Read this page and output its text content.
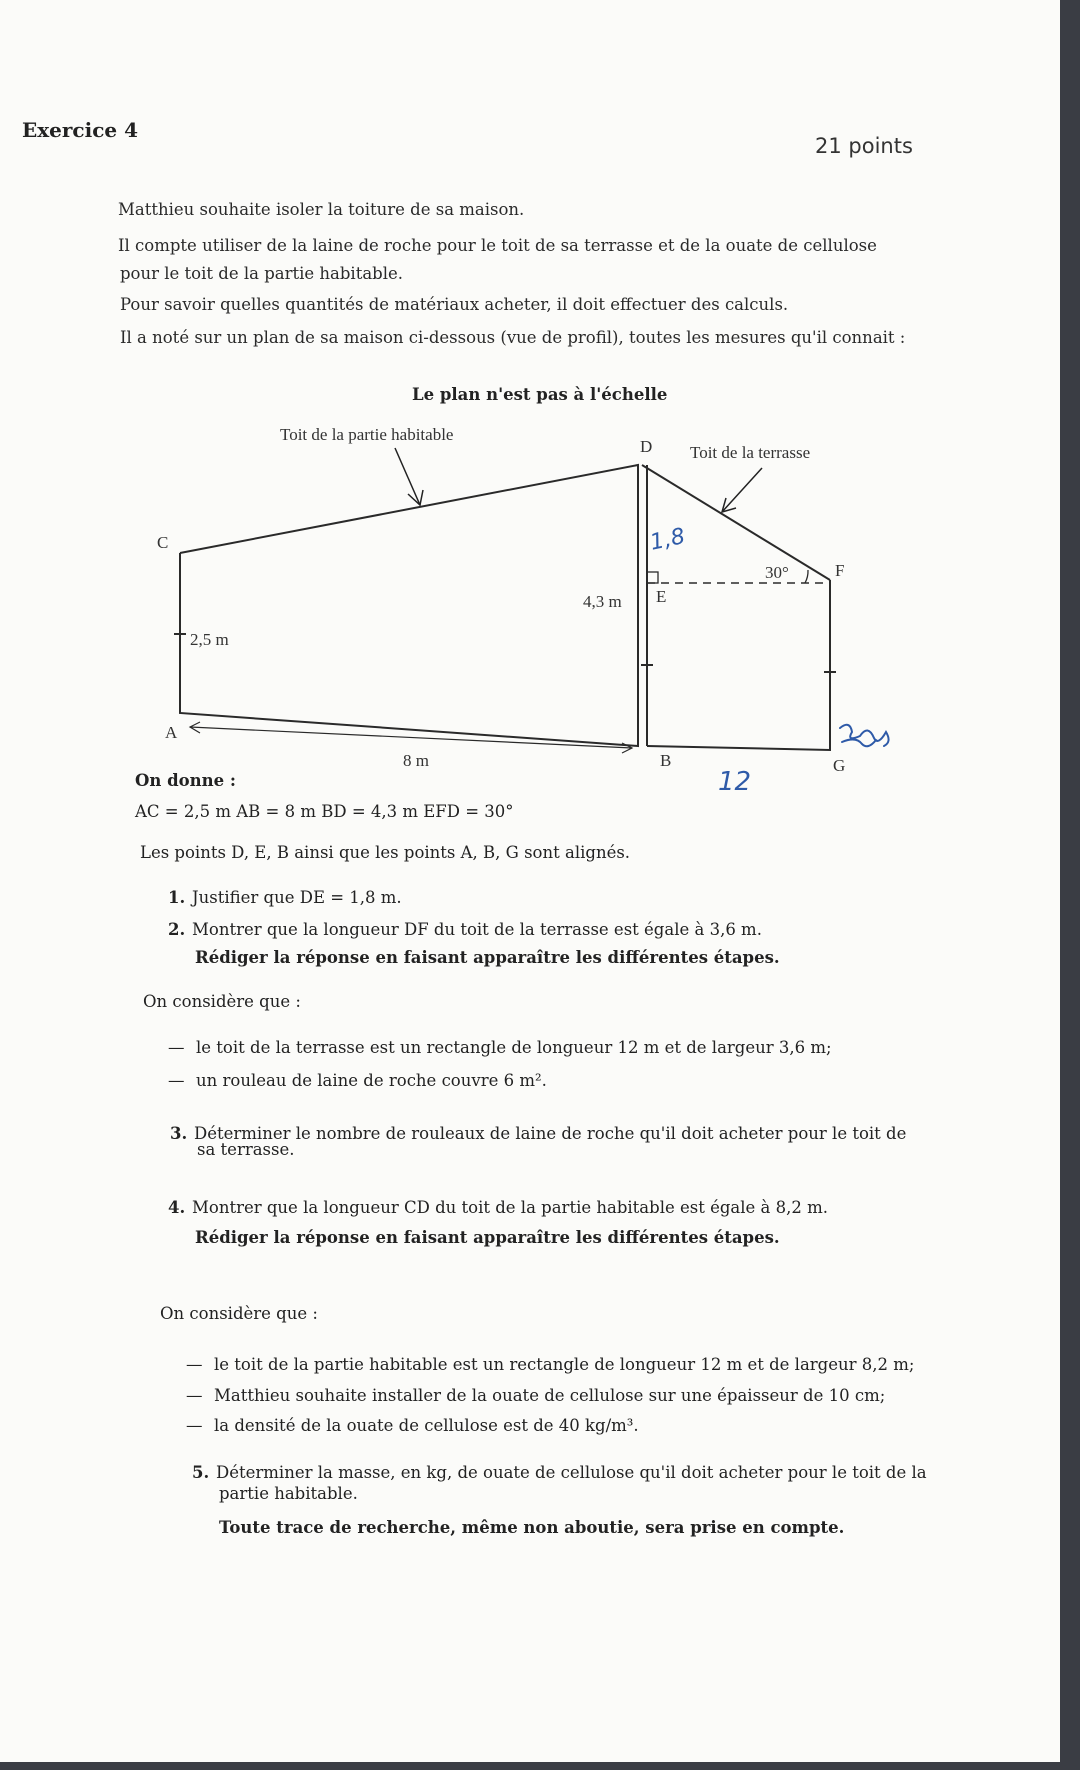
Exercice 4
21 points

Matthieu souhaite isoler la toiture de sa maison.

Il compte utiliser de la laine de roche pour le toit de sa terrasse et de la ouate de cellulose

pour le toit de la partie habitable.

Pour savoir quelles quantités de matériaux acheter, il doit effectuer des calculs.

Il a noté sur un plan de sa maison ci-dessous (vue de profil), toutes les mesures qu'il connait :

Le plan n'est pas à l'échelle
Toit de la partie habitable
Toit de la terrasse
C
A
D
E
F
B	G
2,5 m
4,3 m
8 m
30°
1,8
12
On donne :
AC = 2,5 m AB = 8 m BD = 4,3 m EFD = 30°
Les points D, E, B ainsi que les points A, B, G sont alignés.
1. Justifier que DE = 1,8 m.
2. Montrer que la longueur DF du toit de la terrasse est égale à 3,6 m.
Rédiger la réponse en faisant apparaître les différentes étapes.
On considère que :
— le toit de la terrasse est un rectangle de longueur 12 m et de largeur 3,6 m;
— un rouleau de laine de roche couvre 6 m².
3. Déterminer le nombre de rouleaux de laine de roche qu'il doit acheter pour le toit de
sa terrasse.
4. Montrer que la longueur CD du toit de la partie habitable est égale à 8,2 m.
Rédiger la réponse en faisant apparaître les différentes étapes.
On considère que :
— le toit de la partie habitable est un rectangle de longueur 12 m et de largeur 8,2 m;
— Matthieu souhaite installer de la ouate de cellulose sur une épaisseur de 10 cm;
— la densité de la ouate de cellulose est de 40 kg/m³.
5. Déterminer la masse, en kg, de ouate de cellulose qu'il doit acheter pour le toit de la
partie habitable.
Toute trace de recherche, même non aboutie, sera prise en compte.
